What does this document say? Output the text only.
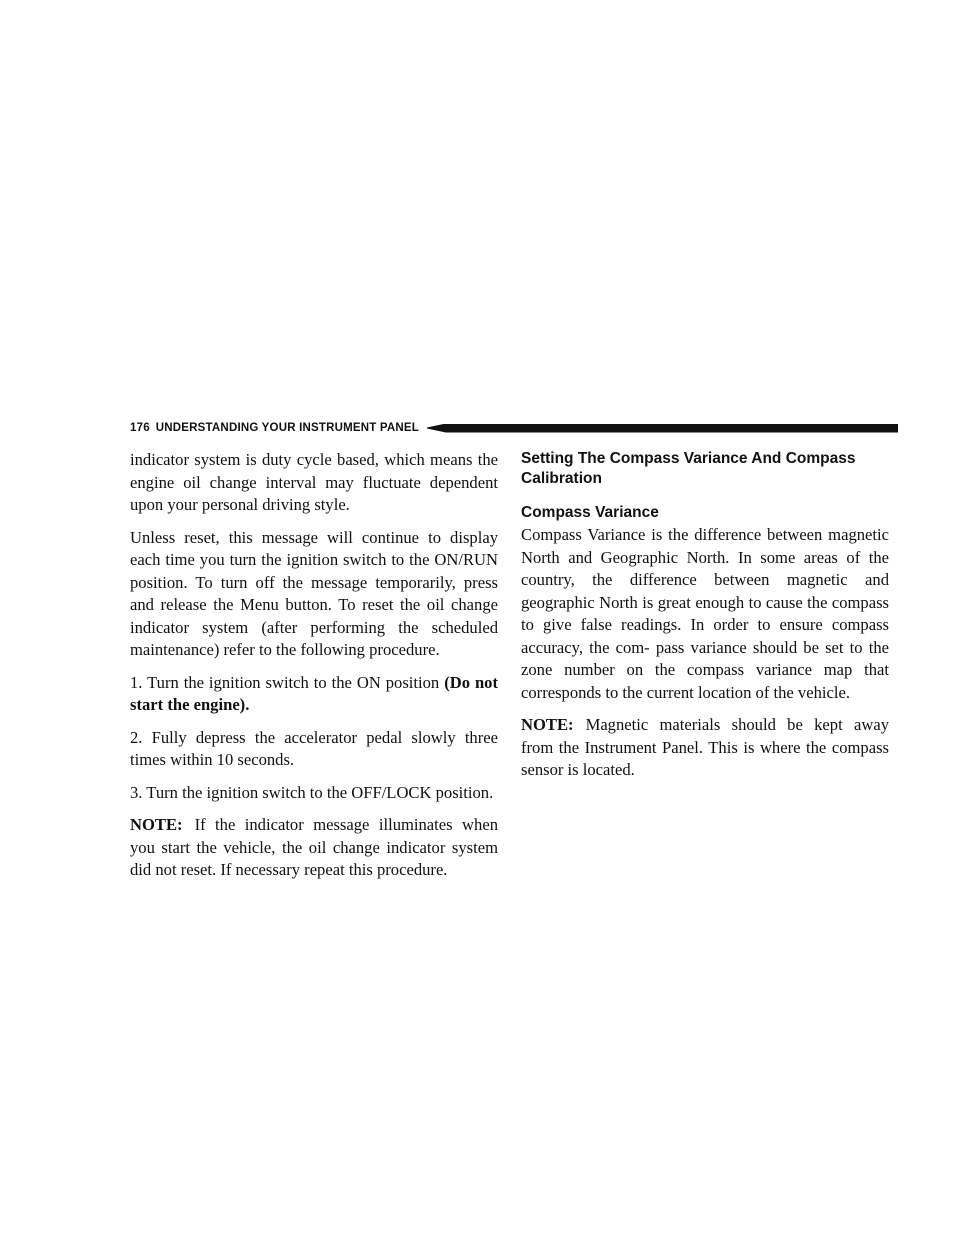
176 UNDERSTANDING YOUR INSTRUMENT PANEL

indicator system is duty cycle based, which means the engine oil change interval may fluctuate dependent upon your personal driving style.

Unless reset, this message will continue to display each time you turn the ignition switch to the ON/RUN position. To turn off the message temporarily, press and release the Menu button. To reset the oil change indicator system (after performing the scheduled maintenance) refer to the following procedure.

1. Turn the ignition switch to the ON position (Do not start the engine).

2. Fully depress the accelerator pedal slowly three times within 10 seconds.

3. Turn the ignition switch to the OFF/LOCK position.

NOTE: If the indicator message illuminates when you start the vehicle, the oil change indicator system did not reset. If necessary repeat this procedure.

Setting The Compass Variance And Compass Calibration
Compass Variance

Compass Variance is the difference between magnetic North and Geographic North. In some areas of the country, the difference between magnetic and geographic North is great enough to cause the compass to give false readings. In order to ensure compass accuracy, the com- pass variance should be set to the zone number on the compass variance map that corresponds to the current location of the vehicle.

NOTE: Magnetic materials should be kept away from the Instrument Panel. This is where the compass sensor is located.
